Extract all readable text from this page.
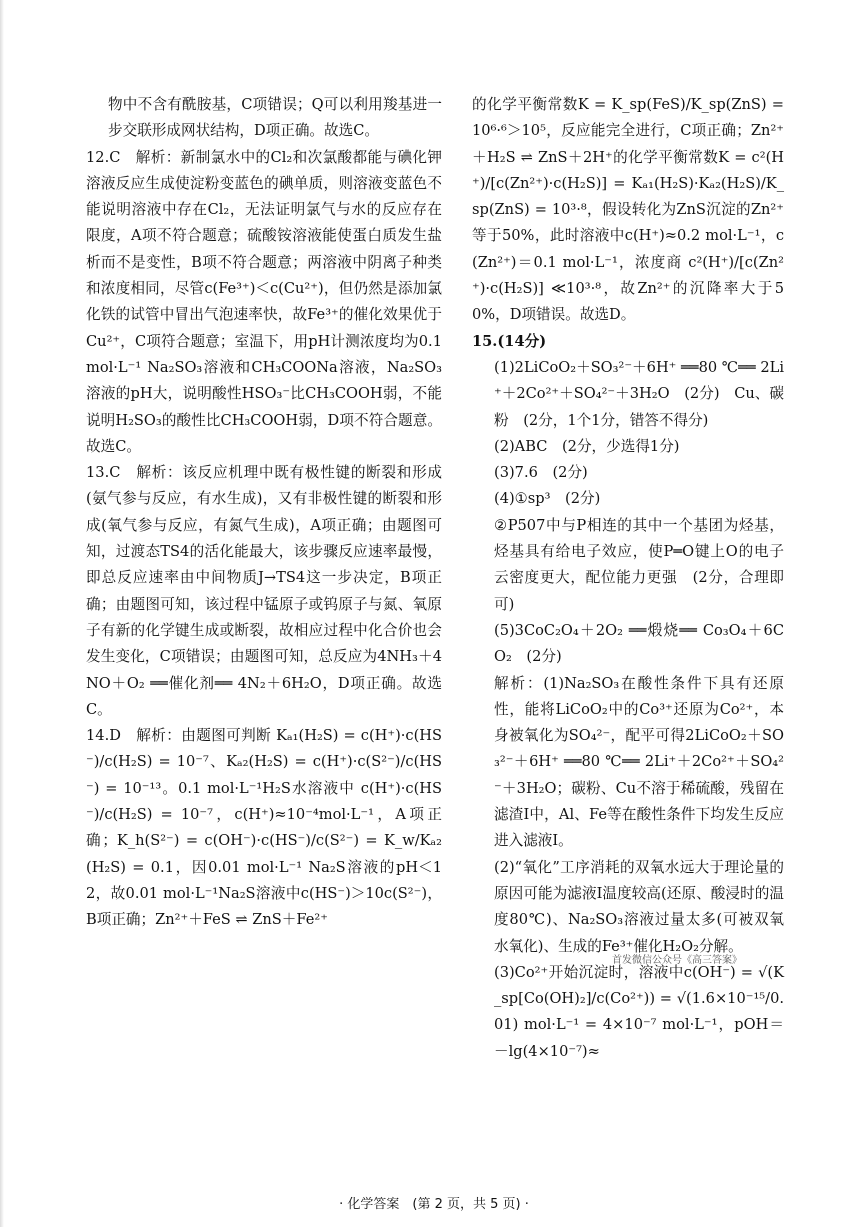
物中不含有酰胺基，C项错误；Q可以利用羧基进一步交联形成网状结构，D项正确。故选C。

12.C　解析：新制氯水中的Cl₂和次氯酸都能与碘化钾溶液反应生成使淀粉变蓝色的碘单质，则溶液变蓝色不能说明溶液中存在Cl₂，无法证明氯气与水的反应存在限度，A项不符合题意；硫酸铵溶液能使蛋白质发生盐析而不是变性，B项不符合题意；两溶液中阴离子种类和浓度相同，尽管c(Fe³⁺)＜c(Cu²⁺)，但仍然是添加氯化铁的试管中冒出气泡速率快，故Fe³⁺的催化效果优于Cu²⁺，C项符合题意；室温下，用pH计测浓度均为0.1 mol·L⁻¹ Na₂SO₃溶液和CH₃COONa溶液，Na₂SO₃溶液的pH大，说明酸性HSO₃⁻比CH₃COOH弱，不能说明H₂SO₃的酸性比CH₃COOH弱，D项不符合题意。故选C。

13.C　解析：该反应机理中既有极性键的断裂和形成(氨气参与反应，有水生成)，又有非极性键的断裂和形成(氧气参与反应，有氮气生成)，A项正确；由题图可知，过渡态TS4的活化能最大，该步骤反应速率最慢，即总反应速率由中间物质J→TS4这一步决定，B项正确；由题图可知，该过程中锰原子或钨原子与氮、氧原子有新的化学键生成或断裂，故相应过程中化合价也会发生变化，C项错误；由题图可知，总反应为4NH₃＋4NO＋O₂ ══催化剂══ 4N₂＋6H₂O，D项正确。故选C。

14.D　解析：由题图可判断 Kₐ₁(H₂S) = c(H⁺)·c(HS⁻)/c(H₂S) = 10⁻⁷、Kₐ₂(H₂S) = c(H⁺)·c(S²⁻)/c(HS⁻) = 10⁻¹³。0.1 mol·L⁻¹H₂S水溶液中 c(H⁺)·c(HS⁻)/c(H₂S) = 10⁻⁷，c(H⁺)≈10⁻⁴mol·L⁻¹，A项正确；K_h(S²⁻) = c(OH⁻)·c(HS⁻)/c(S²⁻) = K_w/Kₐ₂(H₂S) = 0.1，因0.01 mol·L⁻¹ Na₂S溶液的pH＜12，故0.01 mol·L⁻¹Na₂S溶液中c(HS⁻)＞10c(S²⁻)，B项正确；Zn²⁺＋FeS ⇌ ZnS＋Fe²⁺

的化学平衡常数K = K_sp(FeS)/K_sp(ZnS) = 10⁶·⁶＞10⁵，反应能完全进行，C项正确；Zn²⁺＋H₂S ⇌ ZnS＋2H⁺的化学平衡常数K = c²(H⁺)/[c(Zn²⁺)·c(H₂S)] = Kₐ₁(H₂S)·Kₐ₂(H₂S)/K_sp(ZnS) = 10³·⁸，假设转化为ZnS沉淀的Zn²⁺等于50%，此时溶液中c(H⁺)≈0.2 mol·L⁻¹，c(Zn²⁺)＝0.1 mol·L⁻¹，浓度商 c²(H⁺)/[c(Zn²⁺)·c(H₂S)] ≪10³·⁸，故Zn²⁺的沉降率大于50%，D项错误。故选D。

15.(14分)

(1)2LiCoO₂＋SO₃²⁻＋6H⁺ ══80 ℃══ 2Li⁺＋2Co²⁺＋SO₄²⁻＋3H₂O　(2分)　Cu、碳粉　(2分，1个1分，错答不得分)

(2)ABC　(2分，少选得1分)

(3)7.6　(2分)

(4)①sp³　(2分)

②P507中与P相连的其中一个基团为烃基，烃基具有给电子效应，使P═O键上O的电子云密度更大，配位能力更强　(2分，合理即可)

(5)3CoC₂O₄＋2O₂ ══煅烧══ Co₃O₄＋6CO₂　(2分)

解析：(1)Na₂SO₃在酸性条件下具有还原性，能将LiCoO₂中的Co³⁺还原为Co²⁺，本身被氧化为SO₄²⁻，配平可得2LiCoO₂＋SO₃²⁻＋6H⁺ ══80 ℃══ 2Li⁺＋2Co²⁺＋SO₄²⁻＋3H₂O；碳粉、Cu不溶于稀硫酸，残留在滤渣Ⅰ中，Al、Fe等在酸性条件下均发生反应进入滤液Ⅰ。

(2)“氧化”工序消耗的双氧水远大于理论量的原因可能为滤液Ⅰ温度较高(还原、酸浸时的温度80℃)、Na₂SO₃溶液过量太多(可被双氧水氧化)、生成的Fe³⁺催化H₂O₂分解。

(3)Co²⁺开始沉淀时，溶液中c(OH⁻) = √(K_sp[Co(OH)₂]/c(Co²⁺)) = √(1.6×10⁻¹⁵/0.01) mol·L⁻¹ = 4×10⁻⁷ mol·L⁻¹，pOH＝－lg(4×10⁻⁷)≈

首发微信公众号《高三答案》
· 化学答案　(第 2 页，共 5 页) ·
